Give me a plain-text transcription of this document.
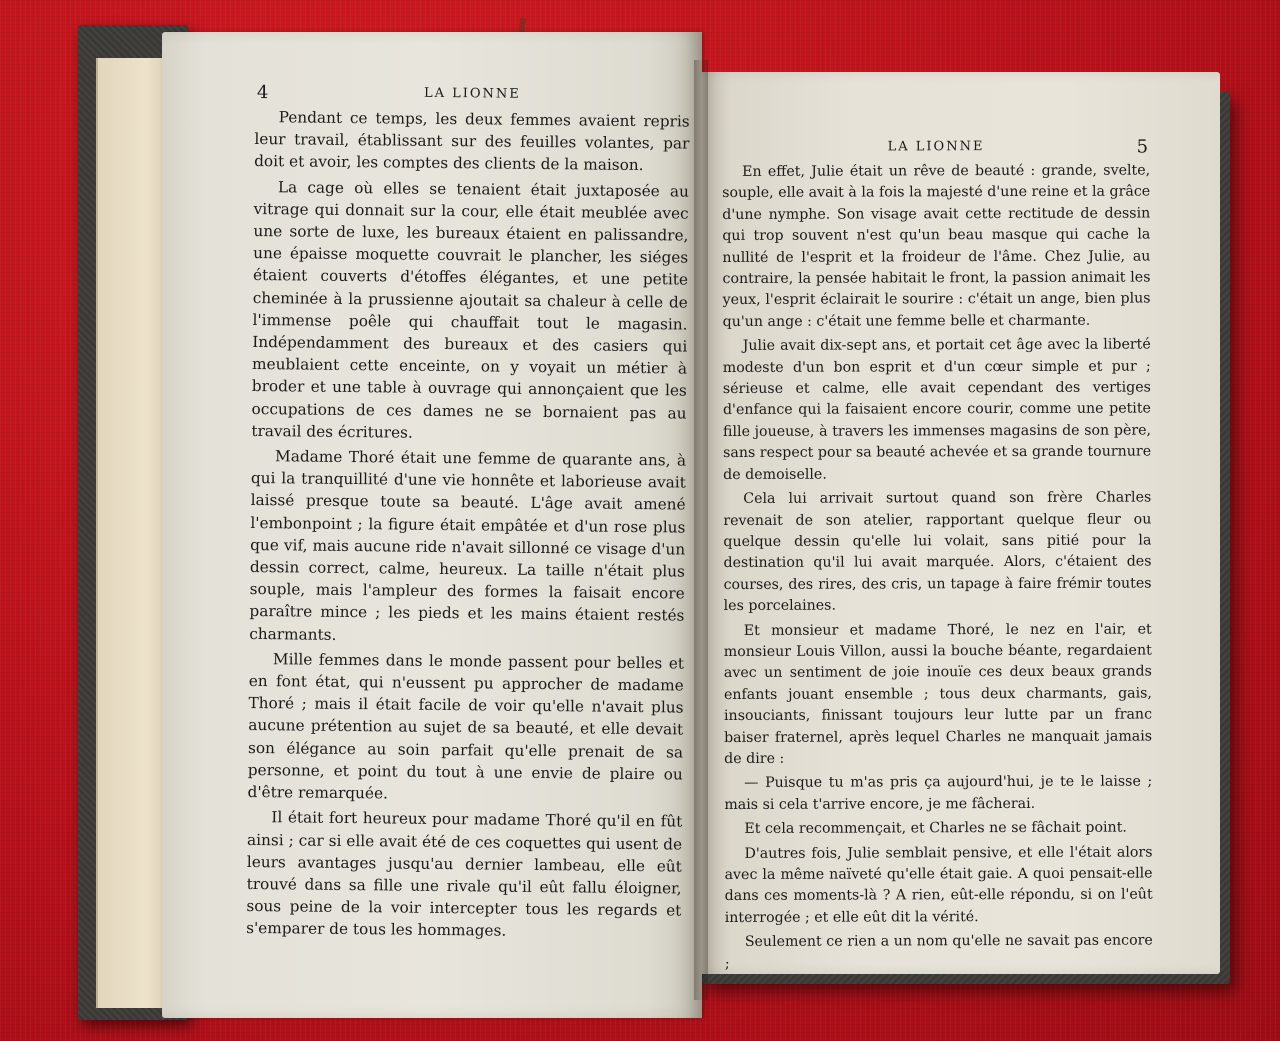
4	LA LIONNE

Pendant ce temps, les deux femmes avaient repris leur travail, établissant sur des feuilles volantes, par doit et avoir, les comptes des clients de la maison.

La cage où elles se tenaient était juxtaposée au vitrage qui donnait sur la cour, elle était meublée avec une sorte de luxe, les bureaux étaient en palissandre, une épaisse moquette couvrait le plancher, les siéges étaient couverts d'étoffes élégantes, et une petite cheminée à la prussienne ajoutait sa chaleur à celle de l'immense poêle qui chauffait tout le magasin. Indépendamment des bureaux et des casiers qui meublaient cette enceinte, on y voyait un métier à broder et une table à ouvrage qui annonçaient que les occupations de ces dames ne se bornaient pas au travail des écritures.

Madame Thoré était une femme de quarante ans, à qui la tranquillité d'une vie honnête et laborieuse avait laissé presque toute sa beauté. L'âge avait amené l'embonpoint ; la figure était empâtée et d'un rose plus que vif, mais aucune ride n'avait sillonné ce visage d'un dessin correct, calme, heureux. La taille n'était plus souple, mais l'ampleur des formes la faisait encore paraître mince ; les pieds et les mains étaient restés charmants.

Mille femmes dans le monde passent pour belles et en font état, qui n'eussent pu approcher de madame Thoré ; mais il était facile de voir qu'elle n'avait plus aucune prétention au sujet de sa beauté, et elle devait son élégance au soin parfait qu'elle prenait de sa personne, et point du tout à une envie de plaire ou d'être remarquée.

Il était fort heureux pour madame Thoré qu'il en fût ainsi ; car si elle avait été de ces coquettes qui usent de leurs avantages jusqu'au dernier lambeau, elle eût trouvé dans sa fille une rivale qu'il eût fallu éloigner, sous peine de la voir intercepter tous les regards et s'emparer de tous les hommages.

LA LIONNE	5

En effet, Julie était un rêve de beauté : grande, svelte, souple, elle avait à la fois la majesté d'une reine et la grâce d'une nymphe. Son visage avait cette rectitude de dessin qui trop souvent n'est qu'un beau masque qui cache la nullité de l'esprit et la froideur de l'âme. Chez Julie, au contraire, la pensée habitait le front, la passion animait les yeux, l'esprit éclairait le sourire : c'était un ange, bien plus qu'un ange : c'était une femme belle et charmante.

Julie avait dix-sept ans, et portait cet âge avec la liberté modeste d'un bon esprit et d'un cœur simple et pur ; sérieuse et calme, elle avait cependant des vertiges d'enfance qui la faisaient encore courir, comme une petite fille joueuse, à travers les immenses magasins de son père, sans respect pour sa beauté achevée et sa grande tournure de demoiselle.

Cela lui arrivait surtout quand son frère Charles revenait de son atelier, rapportant quelque fleur ou quelque dessin qu'elle lui volait, sans pitié pour la destination qu'il lui avait marquée. Alors, c'étaient des courses, des rires, des cris, un tapage à faire frémir toutes les porcelaines.

Et monsieur et madame Thoré, le nez en l'air, et monsieur Louis Villon, aussi la bouche béante, regardaient avec un sentiment de joie inouïe ces deux beaux grands enfants jouant ensemble ; tous deux charmants, gais, insouciants, finissant toujours leur lutte par un franc baiser fraternel, après lequel Charles ne manquait jamais de dire :

— Puisque tu m'as pris ça aujourd'hui, je te le laisse ; mais si cela t'arrive encore, je me fâcherai.

Et cela recommençait, et Charles ne se fâchait point.

D'autres fois, Julie semblait pensive, et elle l'était alors avec la même naïveté qu'elle était gaie. A quoi pensait-elle dans ces moments-là ? A rien, eût-elle répondu, si on l'eût interrogée ; et elle eût dit la vérité.

Seulement ce rien a un nom qu'elle ne savait pas encore ;
